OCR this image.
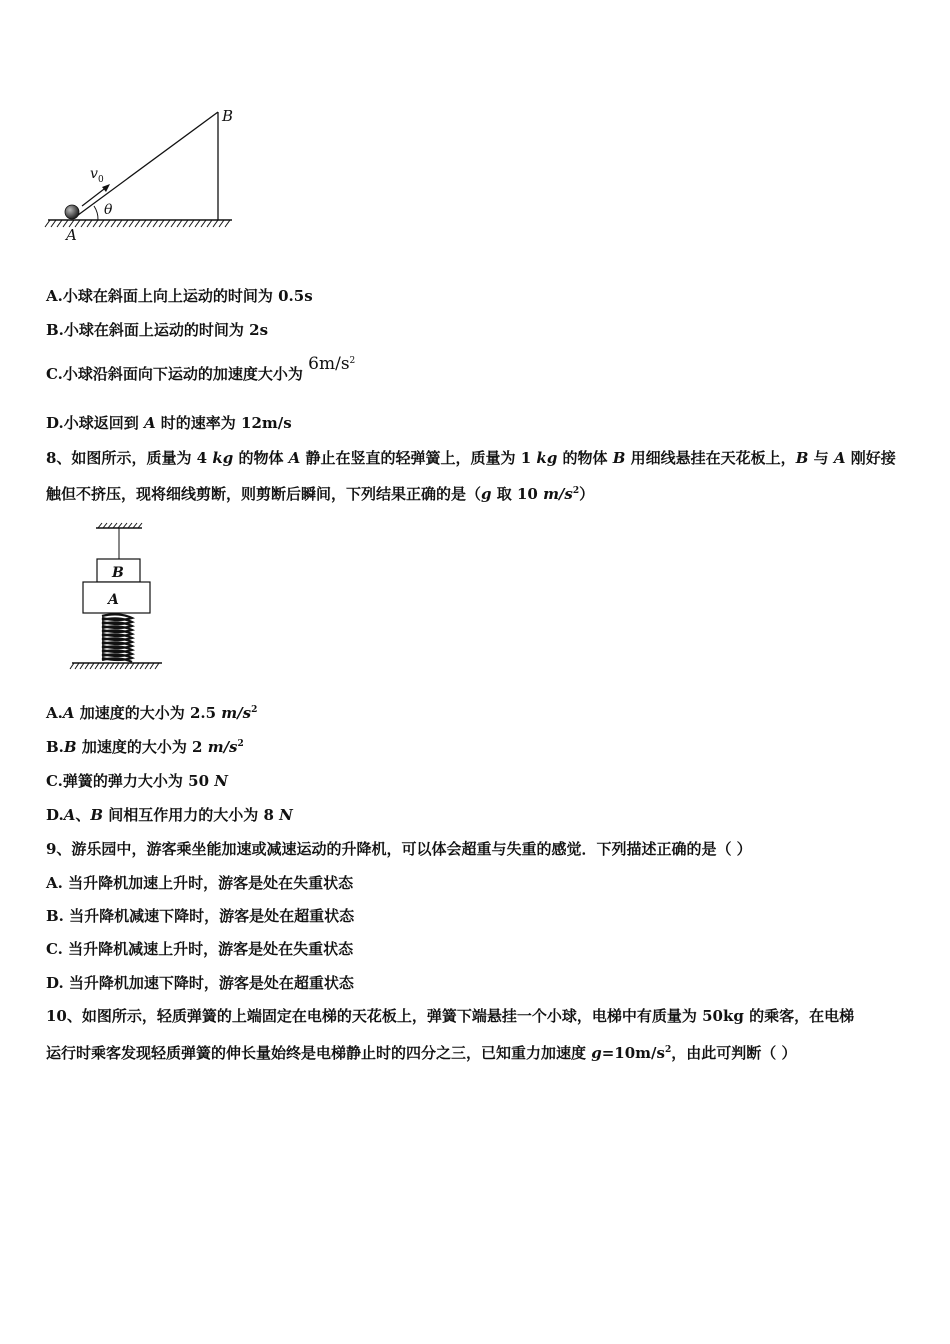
B
A
v 0
θ
A.小球在斜面上向上运动的时间为 0.5s
B.小球在斜面上运动的时间为 2s
C.小球沿斜面向下运动的加速度大小为 $6m/s^2$
D.小球返回到 A 时的速率为 12m/s
8、如图所示，质量为 4 kg 的物体 A 静止在竖直的轻弹簧上，质量为 1 kg 的物体 B 用细线悬挂在天花板上，B 与 A 刚好接
触但不挤压，现将细线剪断，则剪断后瞬间，下列结果正确的是（g 取 10 $m/s^2$）
B
A
A.A 加速度的大小为 2.5 $m/s^2$
B.B 加速度的大小为 2 $m/s^2$
C.弹簧的弹力大小为 50 N
D.A、B 间相互作用力的大小为 8 N
9、游乐园中，游客乘坐能加速或减速运动的升降机，可以体会超重与失重的感觉．下列描述正确的是（ ）
A. 当升降机加速上升时，游客是处在失重状态
B. 当升降机减速下降时，游客是处在超重状态
C. 当升降机减速上升时，游客是处在失重状态
D. 当升降机加速下降时，游客是处在超重状态
10、如图所示，轻质弹簧的上端固定在电梯的天花板上，弹簧下端悬挂一个小球，电梯中有质量为 50kg 的乘客，在电梯
运行时乘客发现轻质弹簧的伸长量始终是电梯静止时的四分之三，已知重力加速度 $g=10m/s^2$，由此可判断（ ）
